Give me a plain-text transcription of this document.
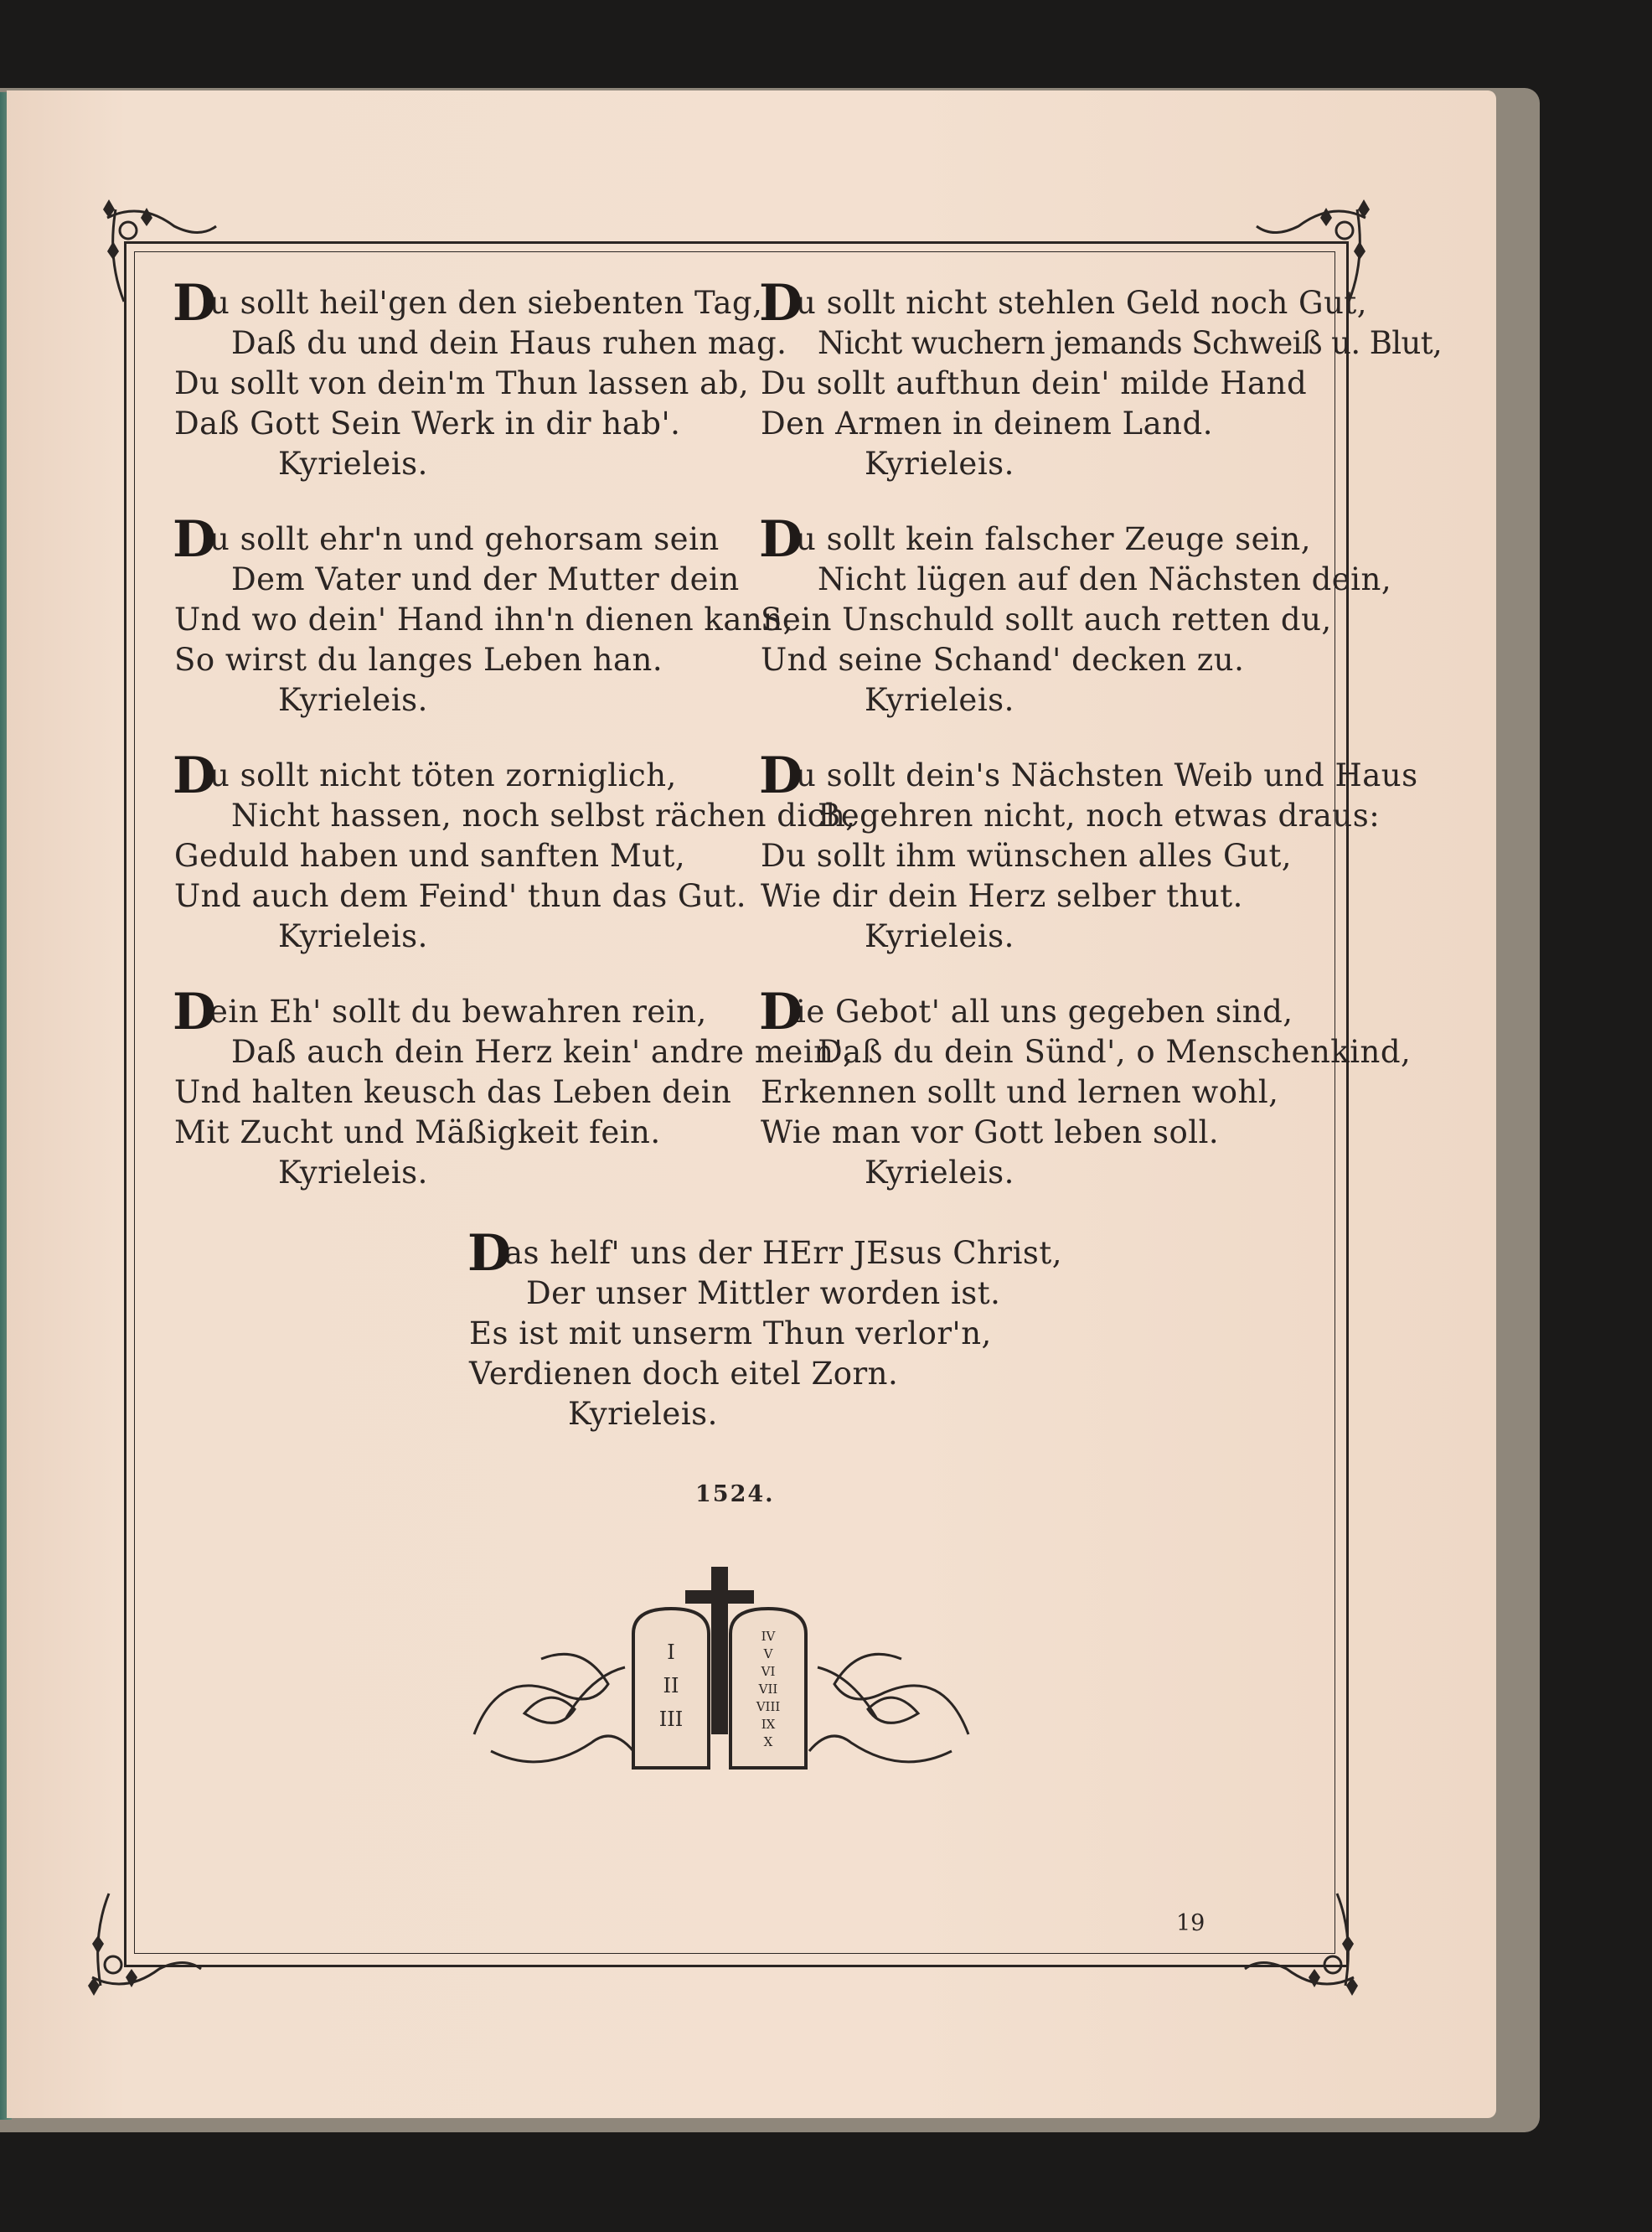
D
u sollt heil'gen den siebenten Tag,
Daß du und dein Haus ruhen mag.
Du sollt von dein'm Thun lassen ab,
Daß Gott Sein Werk in dir hab'.
Kyrieleis.
D
u sollt ehr'n und gehorsam sein
Dem Vater und der Mutter dein
Und wo dein' Hand ihn'n dienen kann,
So wirst du langes Leben han.
Kyrieleis.
D
u sollt nicht töten zorniglich,
Nicht hassen, noch selbst rächen dich,
Geduld haben und sanften Mut,
Und auch dem Feind' thun das Gut.
Kyrieleis.
D
ein Eh' sollt du bewahren rein,
Daß auch dein Herz kein' andre mein',
Und halten keusch das Leben dein
Mit Zucht und Mäßigkeit fein.
Kyrieleis.
D
u sollt nicht stehlen Geld noch Gut,
Nicht wuchern jemands Schweiß u. Blut,
Du sollt aufthun dein' milde Hand
Den Armen in deinem Land.
Kyrieleis.
D
u sollt kein falscher Zeuge sein,
Nicht lügen auf den Nächsten dein,
Sein Unschuld sollt auch retten du,
Und seine Schand' decken zu.
Kyrieleis.
D
u sollt dein's Nächsten Weib und Haus
Begehren nicht, noch etwas draus:
Du sollt ihm wünschen alles Gut,
Wie dir dein Herz selber thut.
Kyrieleis.
D
ie Gebot' all uns gegeben sind,
Daß du dein Sünd', o Menschenkind,
Erkennen sollt und lernen wohl,
Wie man vor Gott leben soll.
Kyrieleis.
D
as helf' uns der HErr JEsus Christ,
Der unser Mittler worden ist.
Es ist mit unserm Thun verlor'n,
Verdienen doch eitel Zorn.
Kyrieleis.
1524.
I
II
III
IV
V
VI
VII
VIII
IX
X
19
